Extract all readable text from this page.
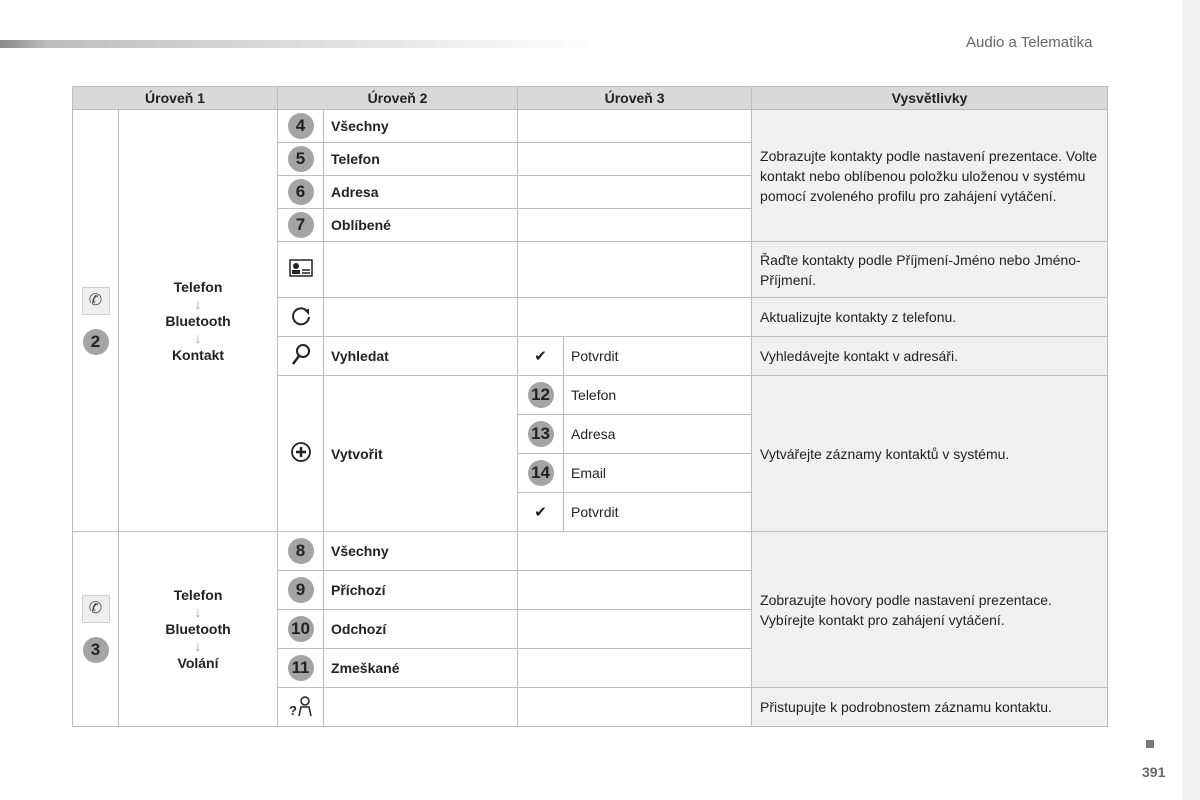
Audio a Telematika
Úroveň 1		Úroveň 2		Úroveň 3		Vysvětlivky

✆
2	Telefon
↓
Bluetooth
↓
Kontakt	4	Všechny			Zobrazujte kontakty podle nastavení prezentace. Volte kontakt nebo oblíbenou položku uloženou v systému pomocí zvoleného profilu pro zahájení vytáčení.
		5	Telefon			
		6	Adresa			
		7	Oblíbené			
			Řaďte kontakty podle Příjmení-Jméno nebo Jméno-Příjmení.
			Aktualizujte kontakty z telefonu.
	Vyhledat	✔	Potvrdit	Vyhledávejte kontakt v adresáři.
	Vytvořit	12	Telefon	Vytvářejte záznamy kontaktů v systému.
				13	Adresa	
				14	Email	
				✔	Potvrdit	

✆
3	Telefon
↓
Bluetooth
↓
Volání	8	Všechny			Zobrazujte hovory podle nastavení prezentace. Vybírejte kontakt pro zahájení vytáčení.
		9	Příchozí			
		10	Odchozí			
		11	Zmeškané			

?				Přistupujte k podrobnostem záznamu kontaktu.
391
